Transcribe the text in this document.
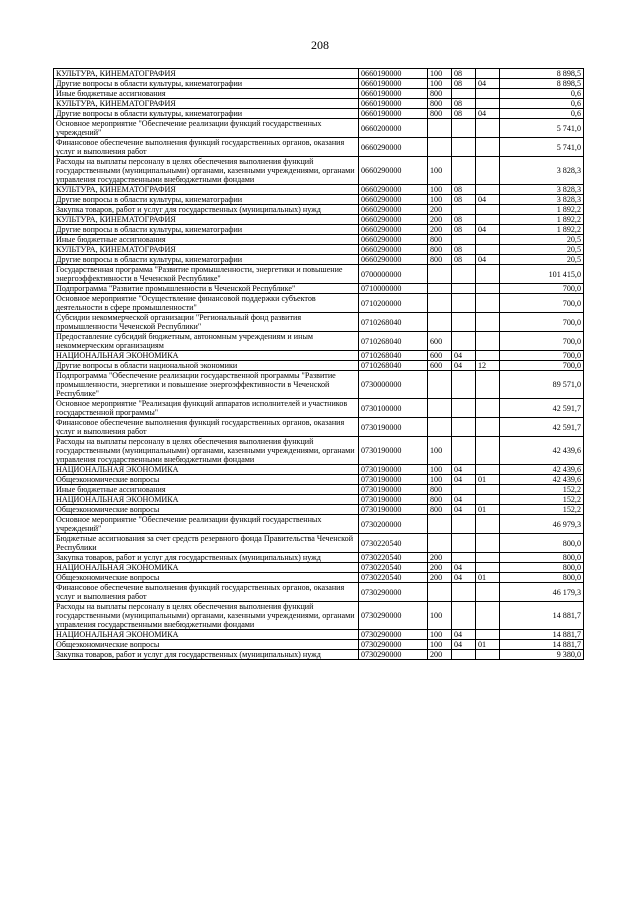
208
КУЛЬТУРА, КИНЕМАТОГРАФИЯ	0660190000	100	08		8 898,5
Другие вопросы в области культуры, кинематографии	0660190000	100	08	04	8 898,5
Иные бюджетные ассигнования	0660190000	800			0,6
КУЛЬТУРА, КИНЕМАТОГРАФИЯ	0660190000	800	08		0,6
Другие вопросы в области культуры, кинематографии	0660190000	800	08	04	0,6
Основное мероприятие "Обеспечение реализации функций государственных учреждений"	0660200000				5 741,0
Финансовое обеспечение выполнения функций государственных органов, оказания услуг и выполнения работ	0660290000				5 741,0
Расходы на выплаты персоналу в целях обеспечения выполнения функций государственными (муниципальными) органами, казенными учреждениями, органами управления государственными внебюджетными фондами	0660290000	100			3 828,3
КУЛЬТУРА, КИНЕМАТОГРАФИЯ	0660290000	100	08		3 828,3
Другие вопросы в области культуры, кинематографии	0660290000	100	08	04	3 828,3
Закупка товаров, работ и услуг для государственных (муниципальных) нужд	0660290000	200			1 892,2
КУЛЬТУРА, КИНЕМАТОГРАФИЯ	0660290000	200	08		1 892,2
Другие вопросы в области культуры, кинематографии	0660290000	200	08	04	1 892,2
Иные бюджетные ассигнования	0660290000	800			20,5
КУЛЬТУРА, КИНЕМАТОГРАФИЯ	0660290000	800	08		20,5
Другие вопросы в области культуры, кинематографии	0660290000	800	08	04	20,5
Государственная программа "Развитие промышленности, энергетики и повышение энергоэффективности в Чеченской Республике"	0700000000				101 415,0
Подпрограмма "Развитие промышленности в Чеченской Республике"	0710000000				700,0
Основное мероприятие "Осуществление финансовой поддержки субъектов деятельности в сфере промышленности"	0710200000				700,0
Субсидии некоммерческой организации "Региональный фонд развития промышленности Чеченской Республики"	0710268040				700,0
Предоставление субсидий бюджетным, автономным учреждениям и иным некоммерческим организациям	0710268040	600			700,0
НАЦИОНАЛЬНАЯ ЭКОНОМИКА	0710268040	600	04		700,0
Другие вопросы в области национальной экономики	0710268040	600	04	12	700,0
Подпрограмма "Обеспечение реализации государственной программы "Развитие промышленности, энергетики и повышение энергоэффективности в Чеченской Республике"	0730000000				89 571,0
Основное мероприятие "Реализация функций аппаратов исполнителей и участников государственной программы"	0730100000				42 591,7
Финансовое обеспечение выполнения функций государственных органов, оказания услуг и выполнения работ	0730190000				42 591,7
Расходы на выплаты персоналу в целях обеспечения выполнения функций государственными (муниципальными) органами, казенными учреждениями, органами управления государственными внебюджетными фондами	0730190000	100			42 439,6
НАЦИОНАЛЬНАЯ ЭКОНОМИКА	0730190000	100	04		42 439,6
Общеэкономические вопросы	0730190000	100	04	01	42 439,6
Иные бюджетные ассигнования	0730190000	800			152,2
НАЦИОНАЛЬНАЯ ЭКОНОМИКА	0730190000	800	04		152,2
Общеэкономические вопросы	0730190000	800	04	01	152,2
Основное мероприятие "Обеспечение реализации функций государственных учреждений"	0730200000				46 979,3
Бюджетные ассигнования за счет средств резервного фонда Правительства Чеченской Республики	0730220540				800,0
Закупка товаров, работ и услуг для государственных (муниципальных) нужд	0730220540	200			800,0
НАЦИОНАЛЬНАЯ ЭКОНОМИКА	0730220540	200	04		800,0
Общеэкономические вопросы	0730220540	200	04	01	800,0
Финансовое обеспечение выполнения функций государственных органов, оказания услуг и выполнения работ	0730290000				46 179,3
Расходы на выплаты персоналу в целях обеспечения выполнения функций государственными (муниципальными) органами, казенными учреждениями, органами управления государственными внебюджетными фондами	0730290000	100			14 881,7
НАЦИОНАЛЬНАЯ ЭКОНОМИКА	0730290000	100	04		14 881,7
Общеэкономические вопросы	0730290000	100	04	01	14 881,7
Закупка товаров, работ и услуг для государственных (муниципальных) нужд	0730290000	200			9 380,0
